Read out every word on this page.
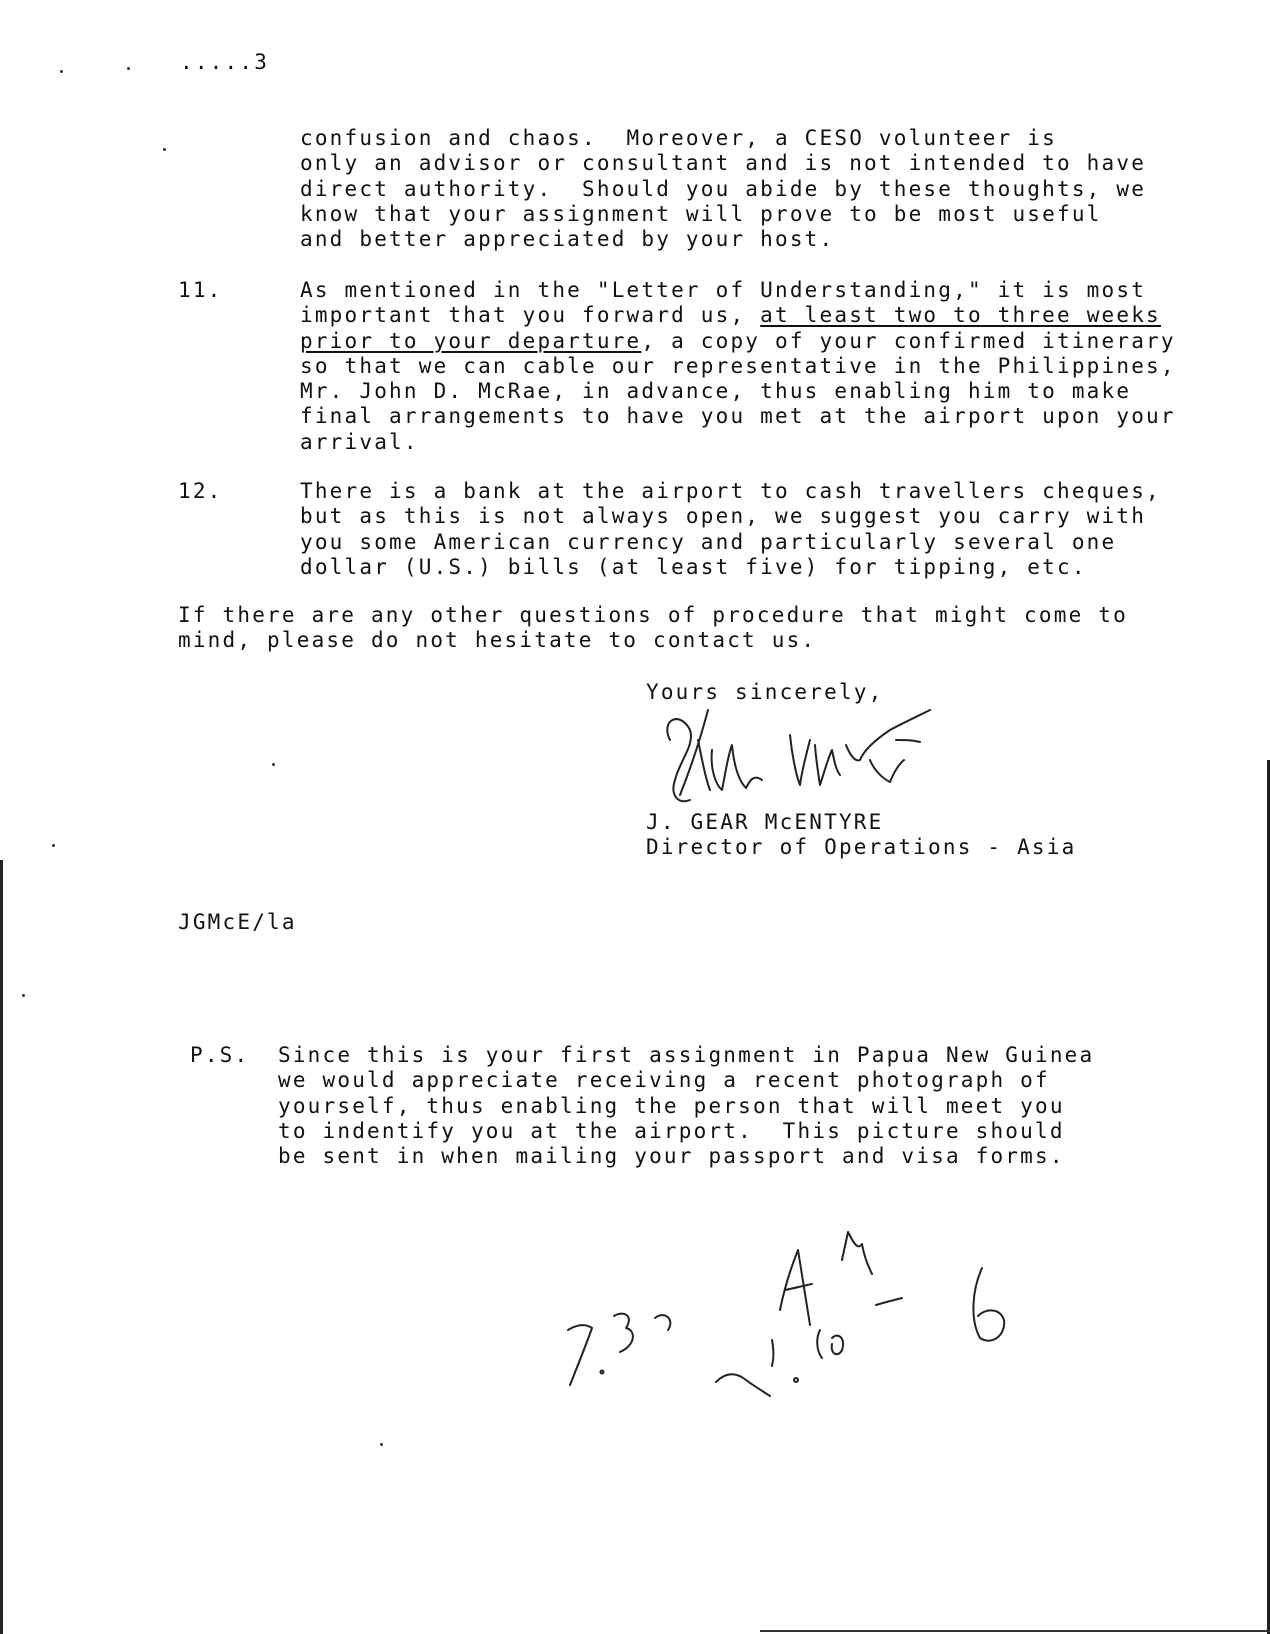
.....3
confusion and chaos.  Moreover, a CESO volunteer is
only an advisor or consultant and is not intended to have
direct authority.  Should you abide by these thoughts, we
know that your assignment will prove to be most useful
and better appreciated by your host.
11.	As mentioned in the "Letter of Understanding," it is most
important that you forward us, at least two to three weeks
prior to your departure, a copy of your confirmed itinerary
so that we can cable our representative in the Philippines,
Mr. John D. McRae, in advance, thus enabling him to make
final arrangements to have you met at the airport upon your
arrival.
12.	There is a bank at the airport to cash travellers cheques,
but as this is not always open, we suggest you carry with
you some American currency and particularly several one
dollar (U.S.) bills (at least five) for tipping, etc.
If there are any other questions of procedure that might come to
mind, please do not hesitate to contact us.
Yours sincerely,
J. GEAR McENTYRE
Director of Operations - Asia
JGMcE/la
P.S. Since this is your first assignment in Papua New Guinea
we would appreciate receiving a recent photograph of
yourself, thus enabling the person that will meet you
to indentify you at the airport.  This picture should
be sent in when mailing your passport and visa forms.
